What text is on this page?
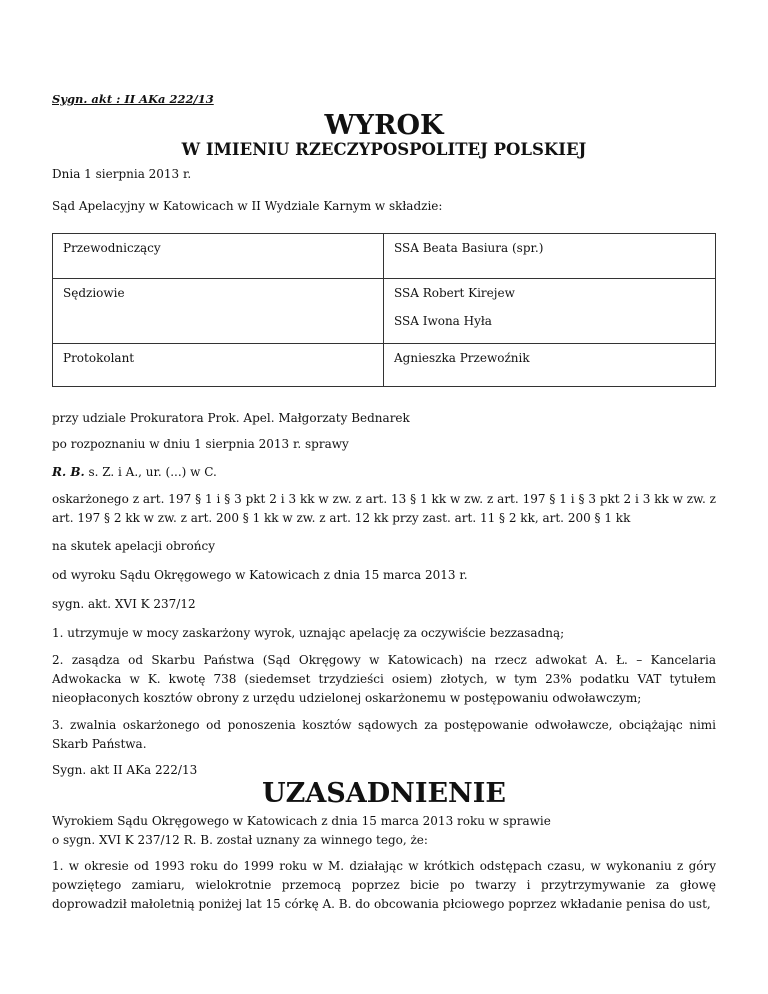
Sygn. akt : II AKa 222/13

WYROK
W IMIENIU RZECZYPOSPOLITEJ POLSKIEJ

Dnia 1 sierpnia 2013 r.

Sąd Apelacyjny w Katowicach w II Wydziale Karnym w składzie:

Przewodniczący	SSA Beata Basiura (spr.)

Sędziowie	SSA Robert Kirejew
SSA Iwona Hyła

Protokolant	Agnieszka Przewoźnik

przy udziale Prokuratora Prok. Apel. Małgorzaty Bednarek

po rozpoznaniu w dniu 1 sierpnia 2013 r. sprawy

R. B. s. Z. i A., ur. (...) w C.

oskarżonego z art. 197 § 1 i § 3 pkt 2 i 3 kk w zw. z art. 13 § 1 kk w zw. z art. 197 § 1 i § 3 pkt 2 i 3 kk w zw. z art. 197 § 2 kk w zw. z art. 200 § 1 kk w zw. z art. 12 kk przy zast. art. 11 § 2 kk, art. 200 § 1 kk

na skutek apelacji obrońcy

od wyroku Sądu Okręgowego w Katowicach z dnia 15 marca 2013 r.

sygn. akt. XVI K 237/12

1. utrzymuje w mocy zaskarżony wyrok, uznając apelację za oczywiście bezzasadną;

2. zasądza od Skarbu Państwa (Sąd Okręgowy w Katowicach) na rzecz adwokat A. Ł. – Kancelaria Adwokacka w K. kwotę 738 (siedemset trzydzieści osiem) złotych, w tym 23% podatku VAT tytułem nieopłaconych kosztów obrony z urzędu udzielonej oskarżonemu w postępowaniu odwoławczym;

3. zwalnia oskarżonego od ponoszenia kosztów sądowych za postępowanie odwoławcze, obciążając nimi Skarb Państwa.

Sygn. akt II AKa 222/13

UZASADNIENIE

Wyrokiem Sądu Okręgowego w Katowicach z dnia 15 marca 2013 roku w sprawie

o sygn. XVI K 237/12 R. B. został uznany za winnego tego, że:

1. w okresie od 1993 roku do 1999 roku w M. działając w krótkich odstępach czasu, w wykonaniu z góry powziętego zamiaru, wielokrotnie przemocą poprzez bicie po twarzy i przytrzymywanie za głowę doprowadził małoletnią poniżej lat 15 córkę A. B. do obcowania płciowego poprzez wkładanie penisa do ust,
